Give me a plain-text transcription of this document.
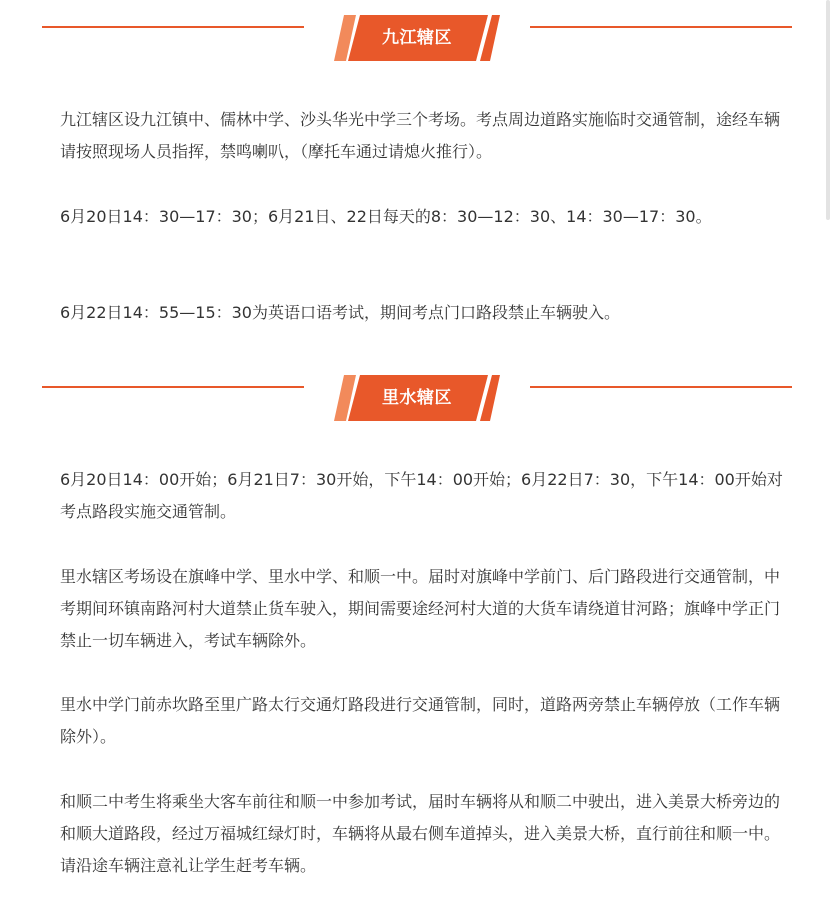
九江辖区

九江辖区设九江镇中、儒林中学、沙头华光中学三个考场。考点周边道路实施临时交通管制，途经车辆请按照现场人员指挥，禁鸣喇叭，（摩托车通过请熄火推行）。

6月20日14：30—17：30；6月21日、22日每天的8：30—12：30、14：30—17：30。

6月22日14：55—15：30为英语口语考试，期间考点门口路段禁止车辆驶入。

里水辖区

6月20日14：00开始；6月21日7：30开始，下午14：00开始；6月22日7：30，下午14：00开始对考点路段实施交通管制。

里水辖区考场设在旗峰中学、里水中学、和顺一中。届时对旗峰中学前门、后门路段进行交通管制，中考期间环镇南路河村大道禁止货车驶入，期间需要途经河村大道的大货车请绕道甘河路；旗峰中学正门禁止一切车辆进入，考试车辆除外。

里水中学门前赤坎路至里广路太行交通灯路段进行交通管制，同时，道路两旁禁止车辆停放（工作车辆除外）。

和顺二中考生将乘坐大客车前往和顺一中参加考试，届时车辆将从和顺二中驶出，进入美景大桥旁边的和顺大道路段，经过万福城红绿灯时，车辆将从最右侧车道掉头，进入美景大桥，直行前往和顺一中。请沿途车辆注意礼让学生赶考车辆。
